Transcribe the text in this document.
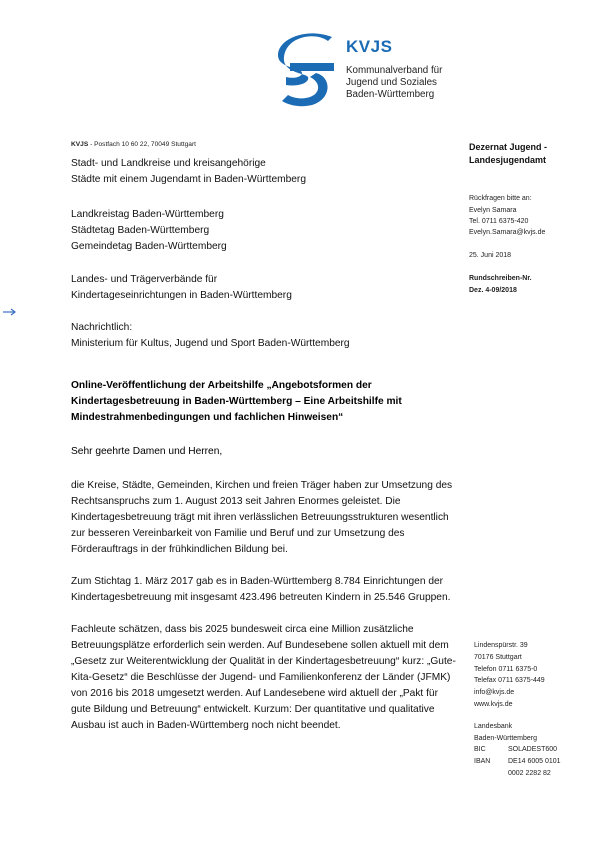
KVJS
Kommunalverband für
Jugend und Soziales
Baden-Württemberg
KVJS - Postfach 10 60 22, 70049 Stuttgart
Stadt- und Landkreise und kreisangehörige
Städte mit einem Jugendamt in Baden-Württemberg
Landkreistag Baden-Württemberg
Städtetag Baden-Württemberg
Gemeindetag Baden-Württemberg
Landes- und Trägerverbände für
Kindertageseinrichtungen in Baden-Württemberg
Nachrichtlich:
Ministerium für Kultus, Jugend und Sport Baden-Württemberg
Dezernat Jugend -
Landesjugendamt
Rückfragen bitte an:
Evelyn Samara
Tel. 0711 6375-420
Evelyn.Samara@kvjs.de
25. Juni 2018
Rundschreiben-Nr.
Dez. 4-09/2018
Online-Veröffentlichung der Arbeitshilfe „Angebotsformen der Kindertagesbetreuung in Baden-Württemberg – Eine Arbeitshilfe mit Mindestrahmenbedingungen und fachlichen Hinweisen“
Sehr geehrte Damen und Herren,
die Kreise, Städte, Gemeinden, Kirchen und freien Träger haben zur Umsetzung des Rechtsanspruchs zum 1. August 2013 seit Jahren Enormes geleistet. Die Kindertagesbetreuung trägt mit ihren verlässlichen Betreuungsstrukturen wesentlich zur besseren Vereinbarkeit von Familie und Beruf und zur Umsetzung des Förderauftrags in der frühkindlichen Bildung bei.
Zum Stichtag 1. März 2017 gab es in Baden-Württemberg 8.784 Einrichtungen der Kindertagesbetreuung mit insgesamt 423.496 betreuten Kindern in 25.546 Gruppen.
Fachleute schätzen, dass bis 2025 bundesweit circa eine Million zusätzliche Betreuungsplätze erforderlich sein werden. Auf Bundesebene sollen aktuell mit dem „Gesetz zur Weiterentwicklung der Qualität in der Kindertagesbetreuung“ kurz: „Gute-Kita-Gesetz“ die Beschlüsse der Jugend- und Familienkonferenz der Länder (JFMK) von 2016 bis 2018 umgesetzt werden. Auf Landesebene wird aktuell der „Pakt für gute Bildung und Betreuung“ entwickelt. Kurzum: Der quantitative und qualitative Ausbau ist auch in Baden-Württemberg noch nicht beendet.
Lindenspürstr. 39
70176 Stuttgart
Telefon 0711 6375-0
Telefax 0711 6375-449
info@kvjs.de
www.kvjs.de
Landesbank
Baden-Württemberg
BIC	SOLADEST600
IBAN	DE14 6005 0101
0002 2282 82
